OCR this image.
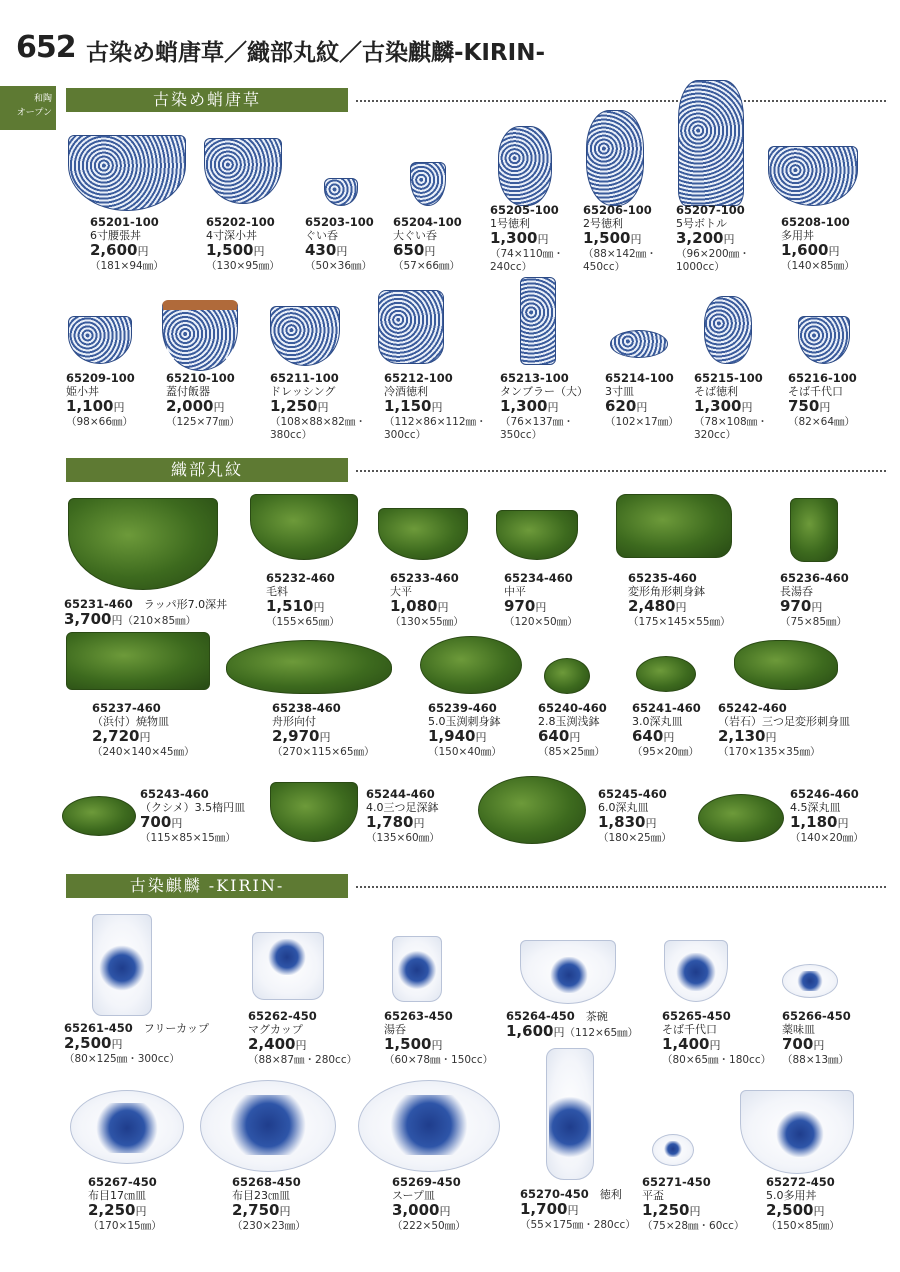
652 古染め蛸唐草／織部丸紋／古染麒麟-KIRIN-
和陶
オープン
古染め蛸唐草
織部丸紋
古染麒麟 -KIRIN-
65201-100
6寸腰張丼
2,600円
（181×94㎜）
65202-100
4寸深小丼
1,500円
（130×95㎜）
65203-100
ぐい呑
430円
（50×36㎜）
65204-100
大ぐい呑
650円
（57×66㎜）
65205-100
1号徳利
1,300円
（74×110㎜・
240cc）
65206-100
2号徳利
1,500円
（88×142㎜・
450cc）
65207-100
5号ボトル
3,200円
（96×200㎜・
1000cc）
65208-100
多用丼
1,600円
（140×85㎜）
65209-100
姫小丼
1,100円
（98×66㎜）
65210-100
蓋付飯器
2,000円
（125×77㎜）
65211-100
ドレッシング
1,250円
（108×88×82㎜・
380cc）
65212-100
冷酒徳利
1,150円
（112×86×112㎜・
300cc）
65213-100
タンブラー（大）
1,300円
（76×137㎜・
350cc）
65214-100
3寸皿
620円
（102×17㎜）
65215-100
そば徳利
1,300円
（78×108㎜・
320cc）
65216-100
そば千代口
750円
（82×64㎜）
65231-460　 ラッパ形7.0深丼
3,700円（210×85㎜）
65232-460
毛料
1,510円
（155×65㎜）
65233-460
大平
1,080円
（130×55㎜）
65234-460
中平
970円
（120×50㎜）
65235-460
変形角形刺身鉢
2,480円
（175×145×55㎜）
65236-460
長湯呑
970円
（75×85㎜）
65237-460
（浜付）焼物皿
2,720円
（240×140×45㎜）
65238-460
舟形向付
2,970円
（270×115×65㎜）
65239-460
5.0玉渕刺身鉢
1,940円
（150×40㎜）
65240-460
2.8玉渕浅鉢
640円
（85×25㎜）
65241-460
3.0深丸皿
640円
（95×20㎜）
65242-460
（岩石）三つ足変形刺身皿
2,130円
（170×135×35㎜）
65243-460
（クシメ）3.5楕円皿
700円
（115×85×15㎜）
65244-460
4.0三つ足深鉢
1,780円
（135×60㎜）
65245-460
6.0深丸皿
1,830円
（180×25㎜）
65246-460
4.5深丸皿
1,180円
（140×20㎜）
65261-450　 フリーカップ
2,500円
（80×125㎜・300cc）
65262-450
マグカップ
2,400円
（88×87㎜・280cc）
65263-450
湯呑
1,500円
（60×78㎜・150cc）
65264-450　 茶碗
1,600円（112×65㎜）
65265-450
そば千代口
1,400円
（80×65㎜・180cc）
65266-450
薬味皿
700円
（88×13㎜）
65267-450
布目17㎝皿
2,250円
（170×15㎜）
65268-450
布目23㎝皿
2,750円
（230×23㎜）
65269-450
スープ皿
3,000円
（222×50㎜）
65270-450　 徳利
1,700円
（55×175㎜・280cc）
65271-450
平盃
1,250円
（75×28㎜・60cc）
65272-450
5.0多用丼
2,500円
（150×85㎜）
